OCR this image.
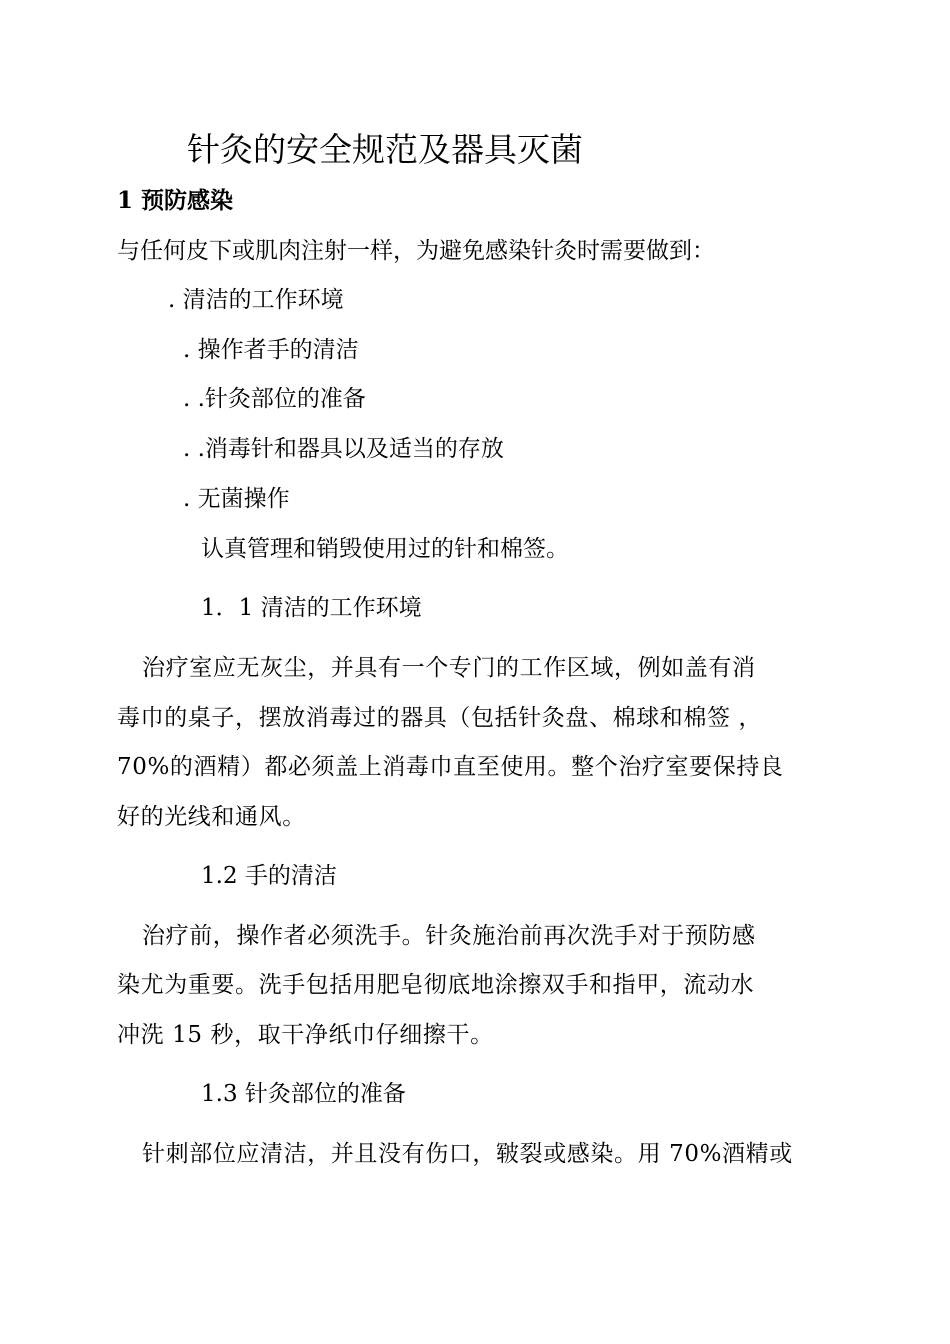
针灸的安全规范及器具灭菌
1 预防感染
与任何皮下或肌肉注射一样，为避免感染针灸时需要做到：
. 清洁的工作环境
. 操作者手的清洁
. .针灸部位的准备
. .消毒针和器具以及适当的存放
. 无菌操作
认真管理和销毁使用过的针和棉签。
1．1 清洁的工作环境
治疗室应无灰尘，并具有一个专门的工作区域，例如盖有消
毒巾的桌子，摆放消毒过的器具（包括针灸盘、棉球和棉签 ，
70%的酒精）都必须盖上消毒巾直至使用。整个治疗室要保持良
好的光线和通风。
1.2 手的清洁
治疗前，操作者必须洗手。针灸施治前再次洗手对于预防感
染尤为重要。洗手包括用肥皂彻底地涂擦双手和指甲，流动水
冲洗 15 秒，取干净纸巾仔细擦干。
1.3 针灸部位的准备
针刺部位应清洁，并且没有伤口，皲裂或感染。用 70%酒精或
